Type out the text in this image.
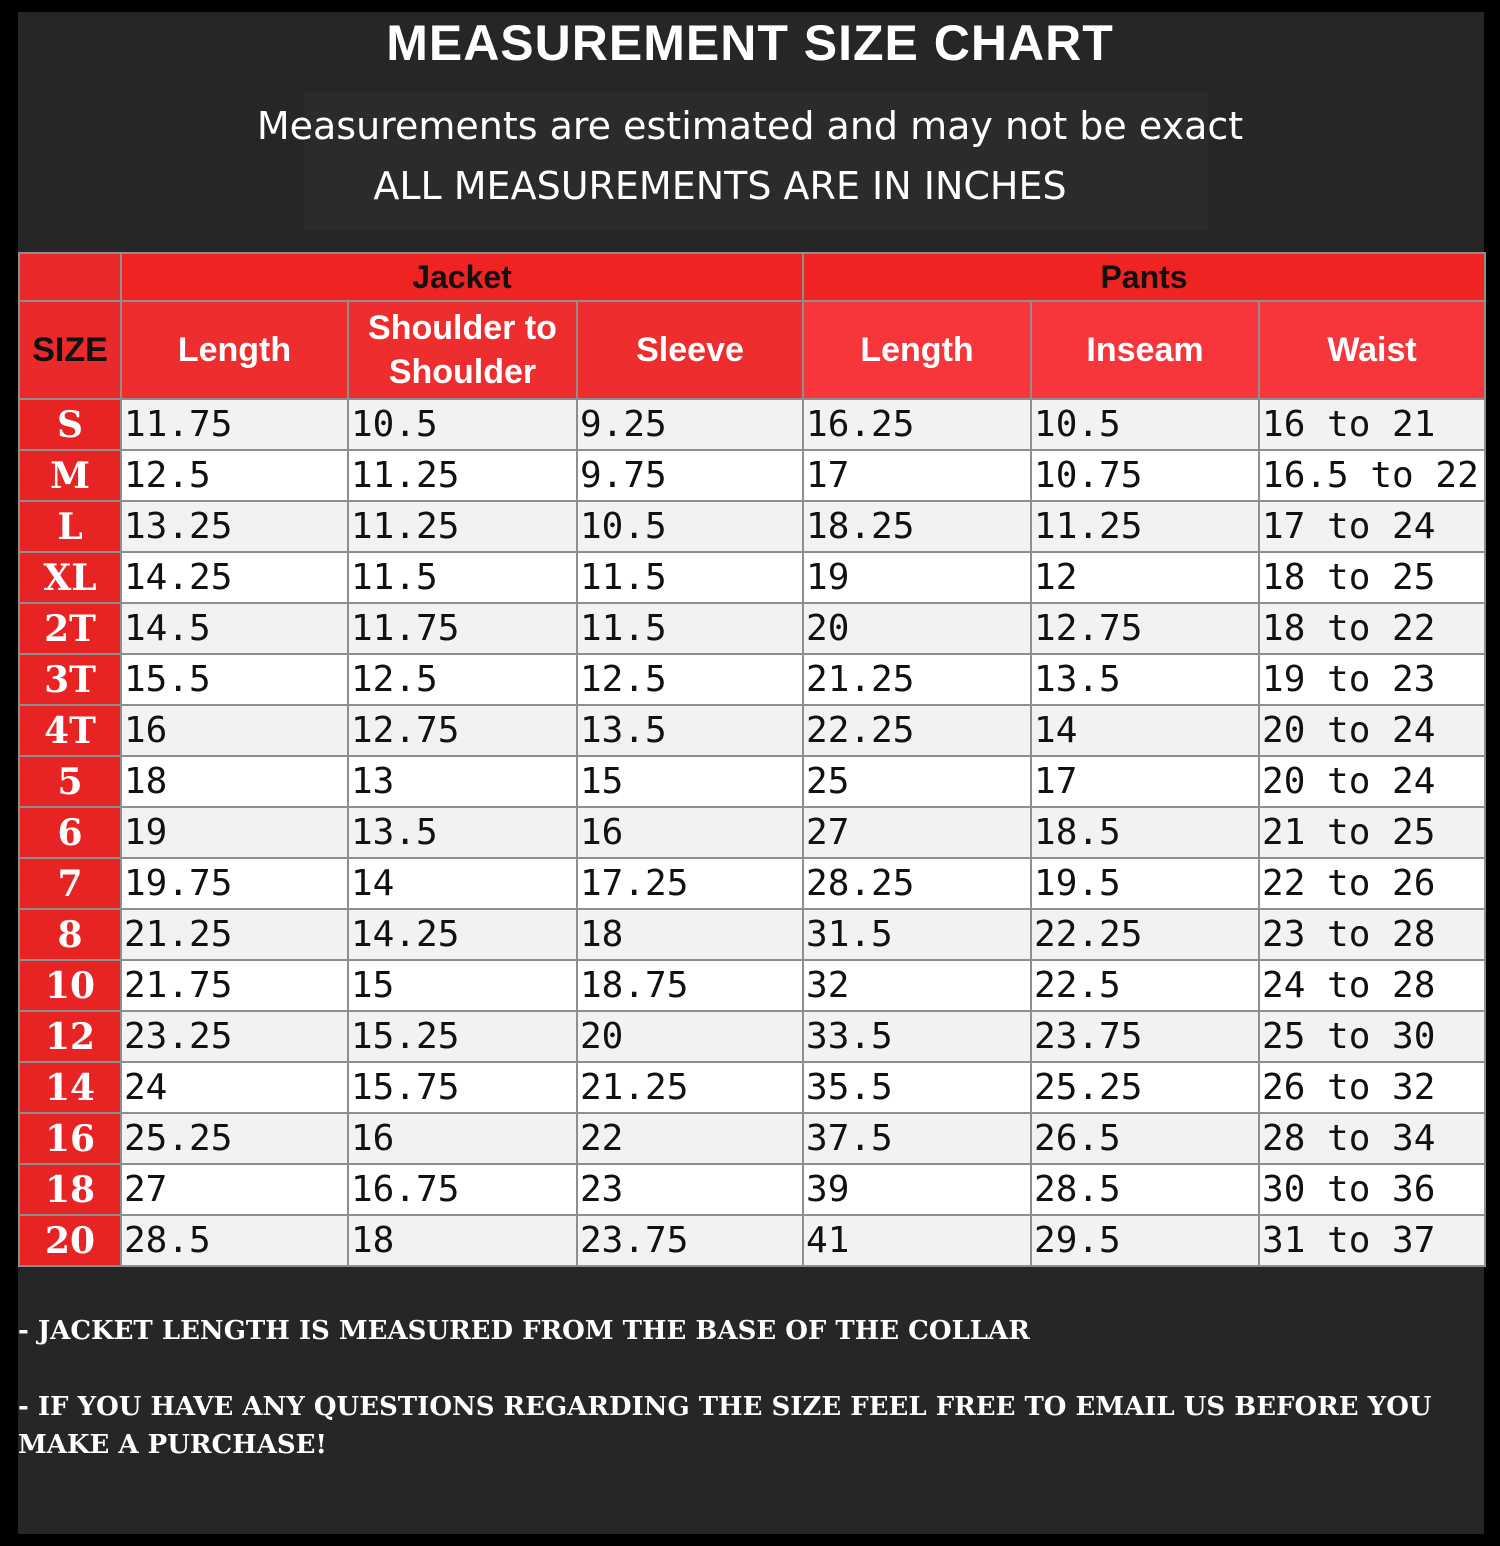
MEASUREMENT SIZE CHART
Measurements are estimated and may not be exact
ALL MEASUREMENTS ARE IN INCHES
	Jacket			Pants		
SIZE	Length	Shoulder to Shoulder	Sleeve	Length	Inseam	Waist
S	11.75	10.5	9.25	16.25	10.5	16 to 21
M	12.5	11.25	9.75	17	10.75	16.5 to 22
L	13.25	11.25	10.5	18.25	11.25	17 to 24
XL	14.25	11.5	11.5	19	12	18 to 25
2T	14.5	11.75	11.5	20	12.75	18 to 22
3T	15.5	12.5	12.5	21.25	13.5	19 to 23
4T	16	12.75	13.5	22.25	14	20 to 24
5	18	13	15	25	17	20 to 24
6	19	13.5	16	27	18.5	21 to 25
7	19.75	14	17.25	28.25	19.5	22 to 26
8	21.25	14.25	18	31.5	22.25	23 to 28
10	21.75	15	18.75	32	22.5	24 to 28
12	23.25	15.25	20	33.5	23.75	25 to 30
14	24	15.75	21.25	35.5	25.25	26 to 32
16	25.25	16	22	37.5	26.5	28 to 34
18	27	16.75	23	39	28.5	30 to 36
20	28.5	18	23.75	41	29.5	31 to 37
- JACKET LENGTH IS MEASURED FROM THE BASE OF THE COLLAR
- IF YOU HAVE ANY QUESTIONS REGARDING THE SIZE FEEL FREE TO EMAIL US BEFORE YOU MAKE A PURCHASE!
